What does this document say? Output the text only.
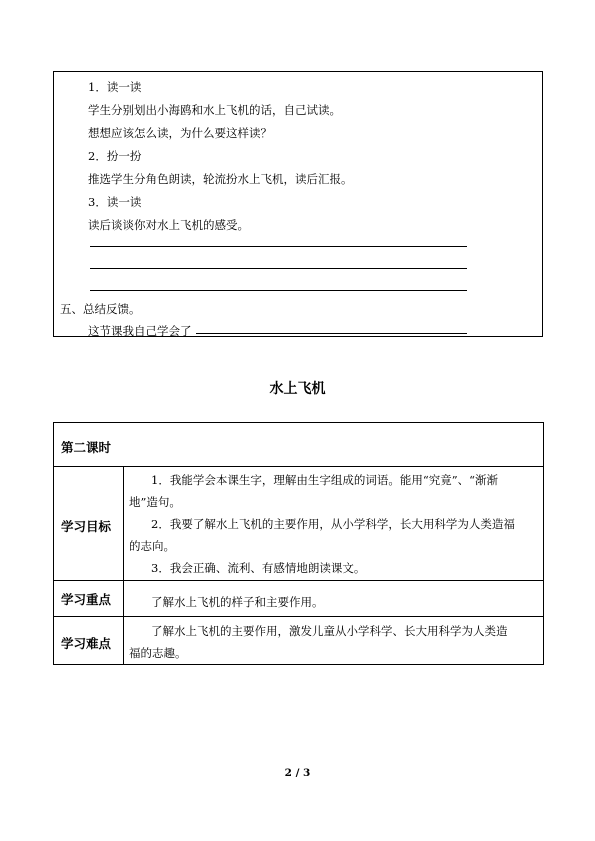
1．读一读
学生分别划出小海鸥和水上飞机的话，自己试读。
想想应该怎么读，为什么要这样读？
2．扮一扮
推选学生分角色朗读，轮流扮水上飞机，读后汇报。
3．读一读
读后谈谈你对水上飞机的感受。
五、总结反馈。
这节课我自己学会了
水上飞机
第二课时
学习目标
1．我能学会本课生字，理解由生字组成的词语。能用“究竟”、“渐渐
地”造句。
2．我要了解水上飞机的主要作用，从小学科学，长大用科学为人类造福
的志向。
3．我会正确、流利、有感情地朗读课文。
学习重点	了解水上飞机的样子和主要作用。
学习难点
了解水上飞机的主要作用，激发儿童从小学科学、长大用科学为人类造
福的志趣。
2 / 3
